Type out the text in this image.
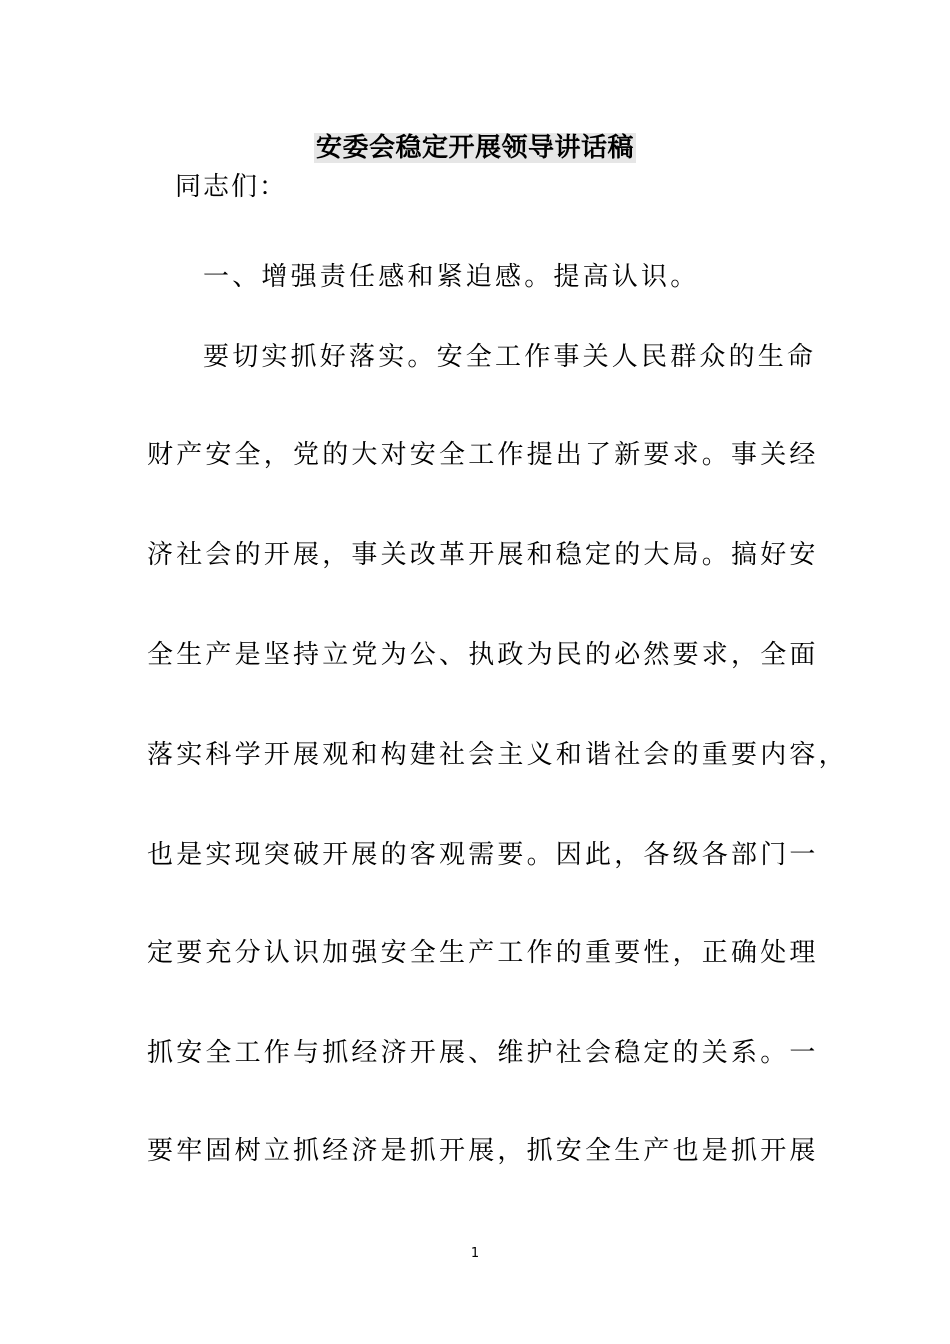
安委会稳定开展领导讲话稿
同志们：
一、增强责任感和紧迫感。提高认识。
要切实抓好落实。安全工作事关人民群众的生命
财产安全，党的大对安全工作提出了新要求。事关经
济社会的开展，事关改革开展和稳定的大局。搞好安
全生产是坚持立党为公、执政为民的必然要求，全面
落实科学开展观和构建社会主义和谐社会的重要内容，
也是实现突破开展的客观需要。因此，各级各部门一
定要充分认识加强安全生产工作的重要性，正确处理
抓安全工作与抓经济开展、维护社会稳定的关系。一
要牢固树立抓经济是抓开展，抓安全生产也是抓开展
1
